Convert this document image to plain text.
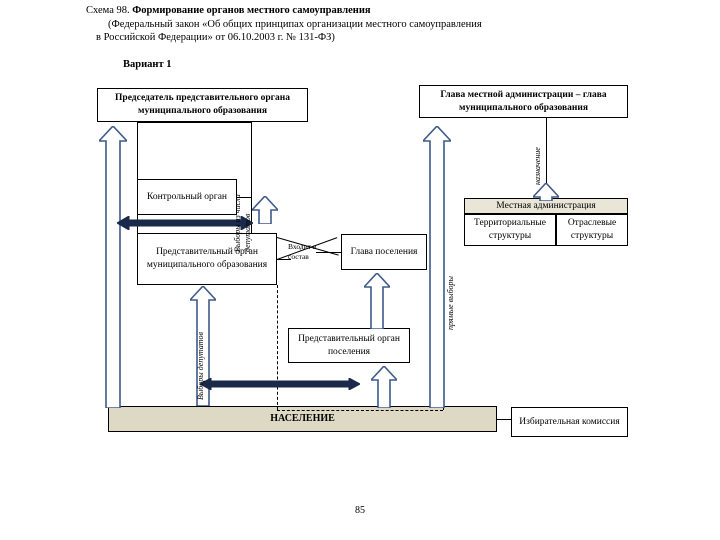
Схема 98. Формирование органов местного самоуправления
(Федеральный закон «Об общих принципах организации местного самоуправления
в Российской Федерации» от 06.10.2003 г. № 131-ФЗ)
Вариант 1
Председатель представительного органа муниципального образования
Глава местной администрации – глава муниципального образования
Контрольный орган
Представительный орган муниципального образования
Глава поселения
Представительный орган поселения
Местная администрация
Территориальные структуры
Отраслевые структуры
НАСЕЛЕНИЕ	Избирательная комиссия
Выборы из числа депутатов
Выборы депутатов
назначение
прямые выборы
Входит в
состав
85
